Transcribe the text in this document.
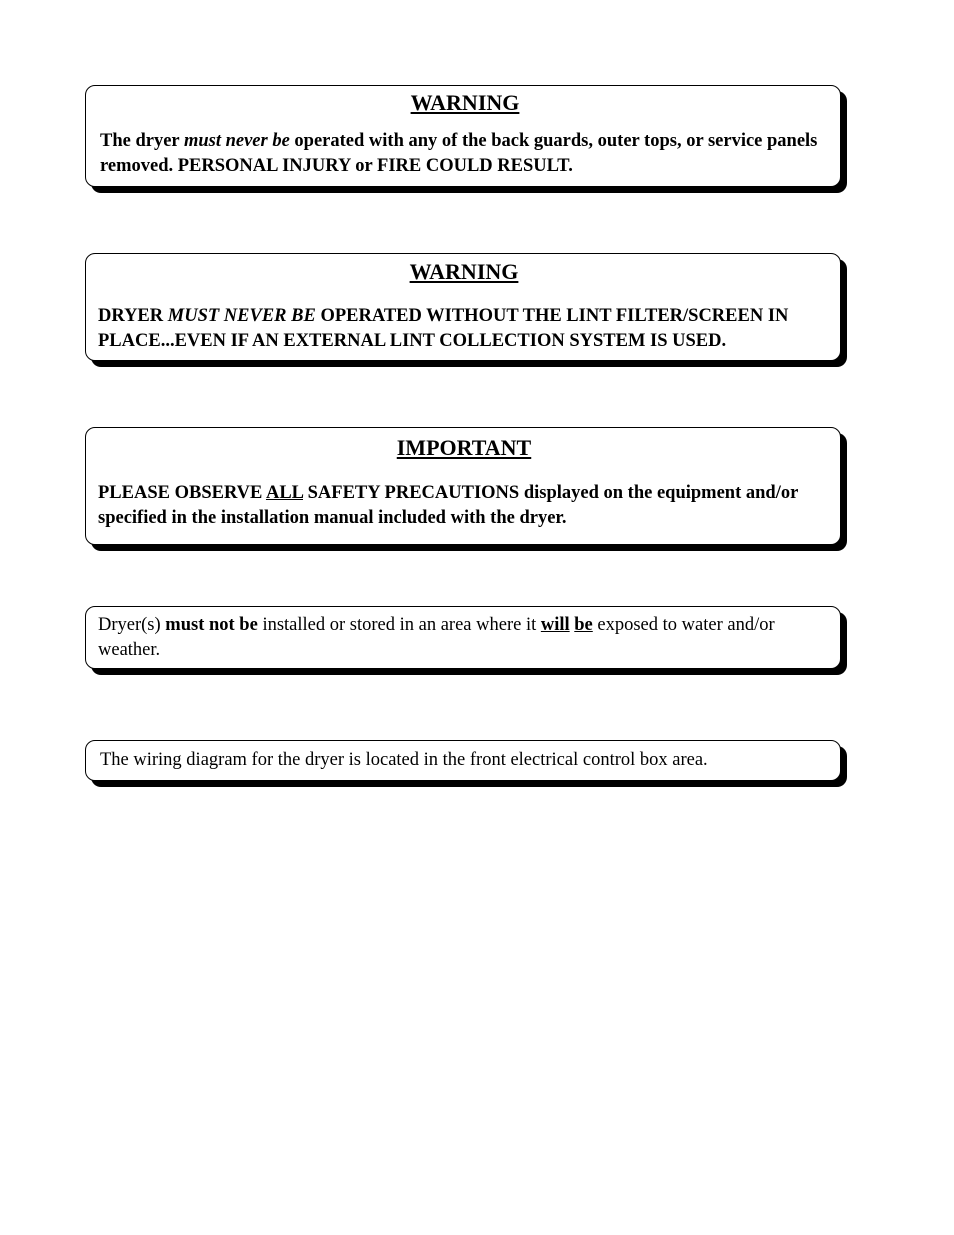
WARNING
The dryer must never be operated with any of the back guards, outer tops, or service panels removed. PERSONAL INJURY or FIRE COULD RESULT.
WARNING
DRYER MUST NEVER BE OPERATED WITHOUT THE LINT FILTER/SCREEN IN PLACE...EVEN IF AN EXTERNAL LINT COLLECTION SYSTEM IS USED.
IMPORTANT
PLEASE OBSERVE ALL SAFETY PRECAUTIONS displayed on the equipment and/or specified in the installation manual included with the dryer.
Dryer(s) must not be installed or stored in an area where it will be exposed to water and/or weather.
The wiring diagram for the dryer is located in the front electrical control box area.
